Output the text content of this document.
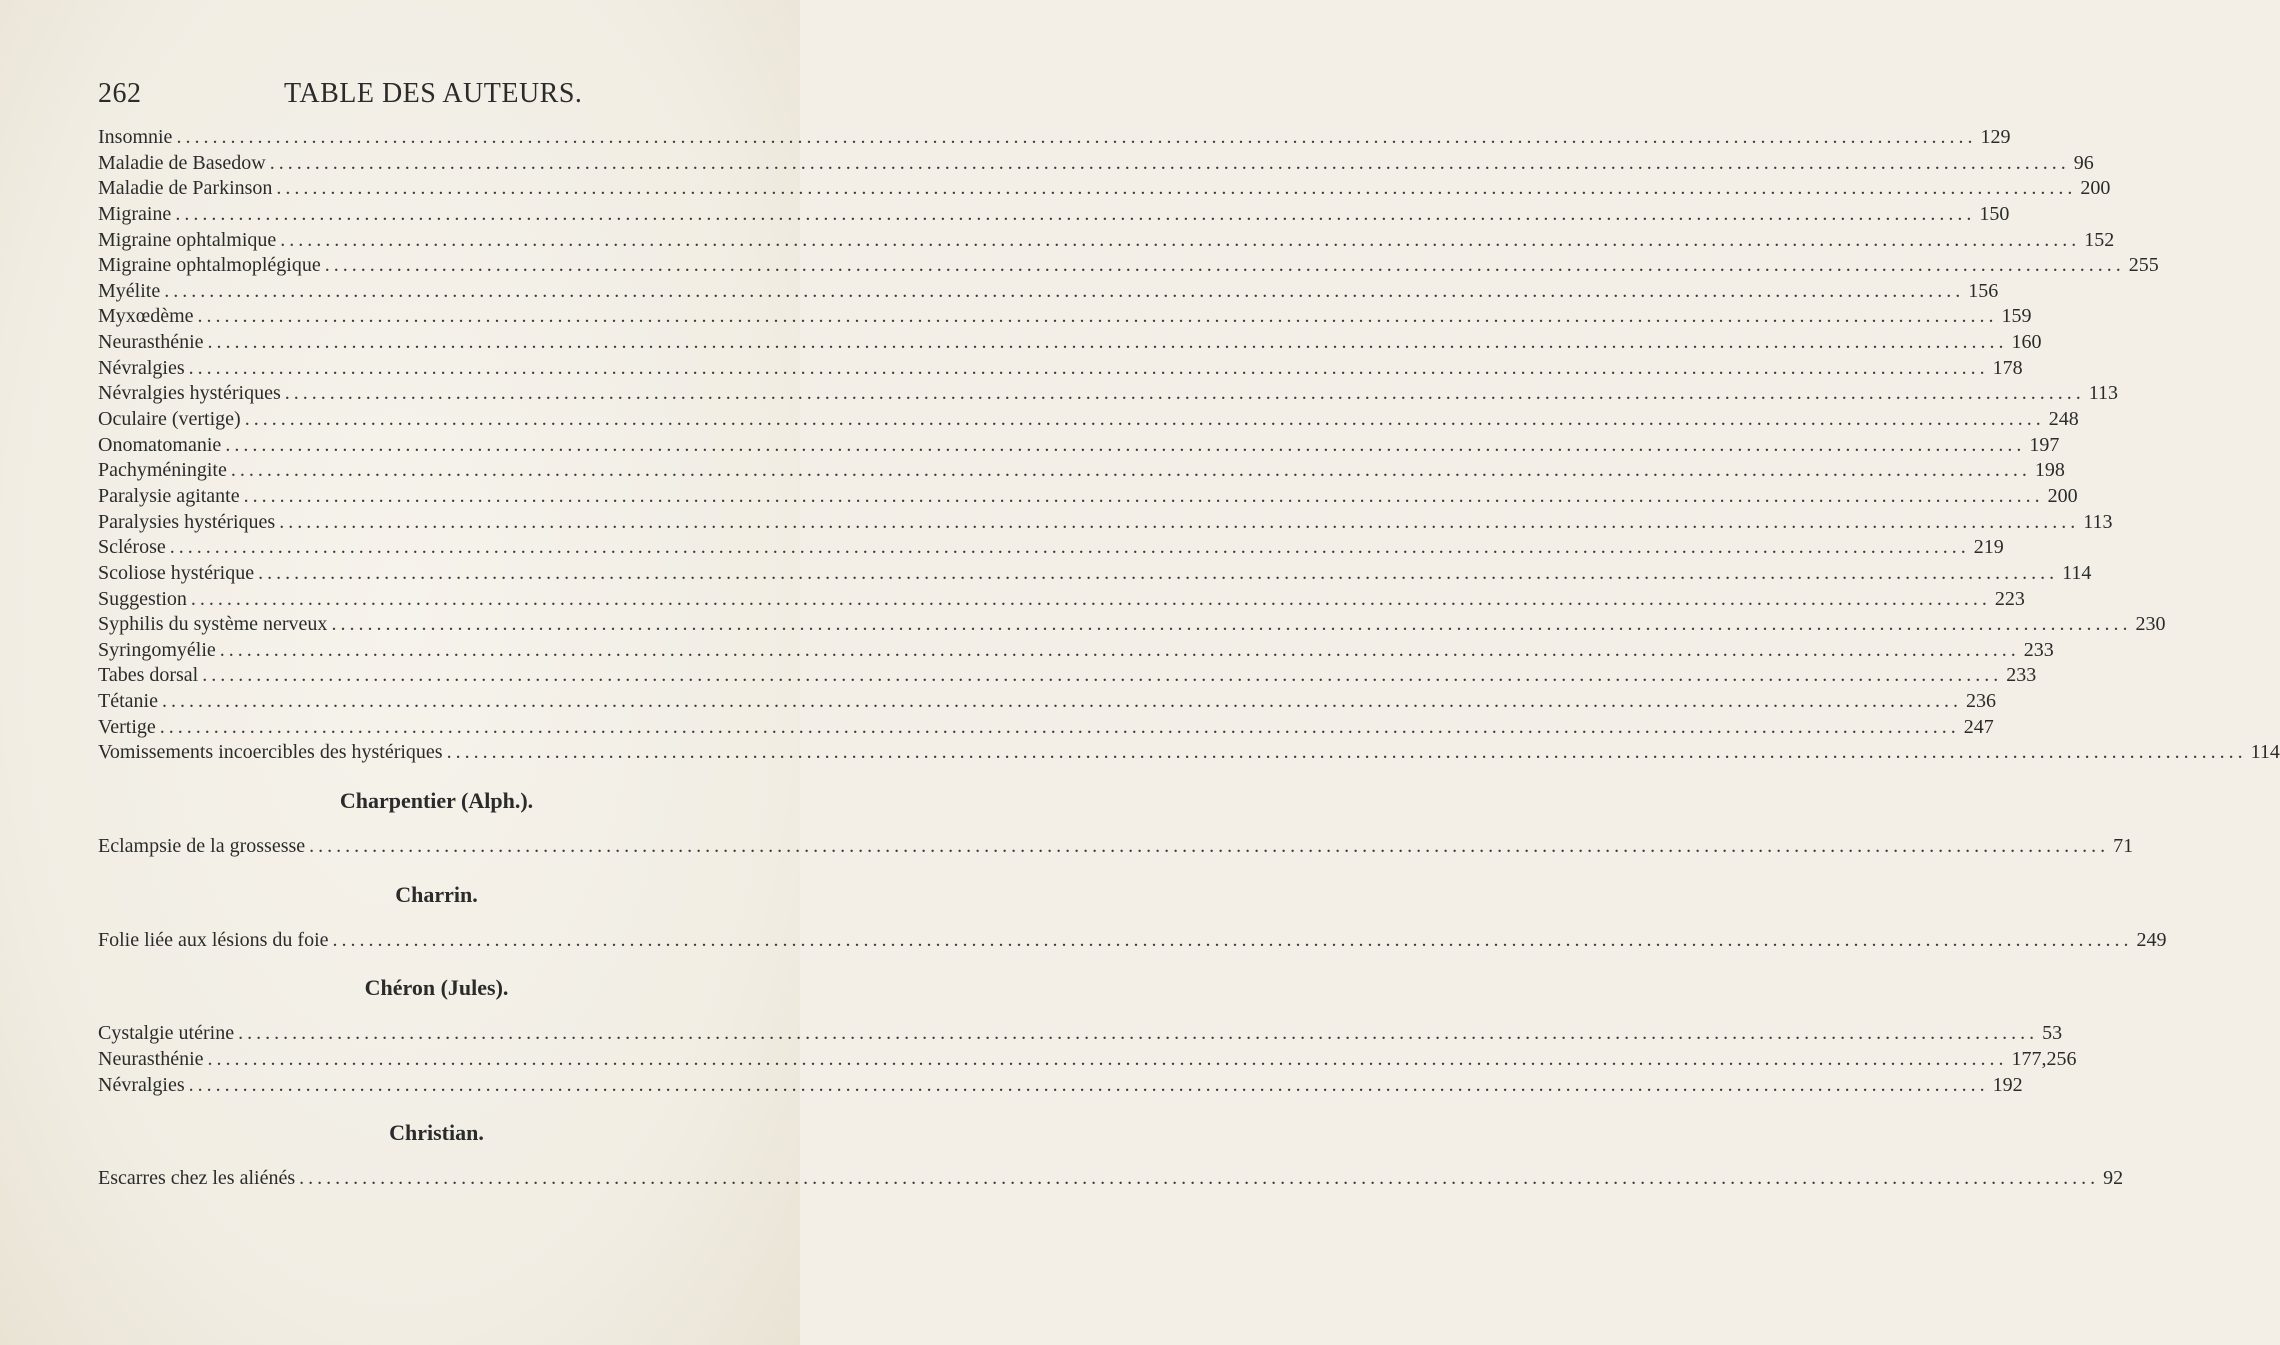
262	TABLE DES AUTEURS.
Insomnie ........................................................................................................................................................................................................ 129
Maladie de Basedow ........................................................................................................................................................................................................ 96
Maladie de Parkinson ........................................................................................................................................................................................................ 200
Migraine ........................................................................................................................................................................................................ 150
Migraine ophtalmique ........................................................................................................................................................................................................ 152
Migraine ophtalmoplégique ........................................................................................................................................................................................................ 255
Myélite ........................................................................................................................................................................................................ 156
Myxœdème ........................................................................................................................................................................................................ 159
Neurasthénie ........................................................................................................................................................................................................ 160
Névralgies ........................................................................................................................................................................................................ 178
Névralgies hystériques ........................................................................................................................................................................................................ 113
Oculaire (vertige) ........................................................................................................................................................................................................ 248
Onomatomanie ........................................................................................................................................................................................................ 197
Pachyméningite ........................................................................................................................................................................................................ 198
Paralysie agitante ........................................................................................................................................................................................................ 200
Paralysies hystériques ........................................................................................................................................................................................................ 113
Sclérose ........................................................................................................................................................................................................ 219
Scoliose hystérique ........................................................................................................................................................................................................ 114
Suggestion ........................................................................................................................................................................................................ 223
Syphilis du système nerveux ........................................................................................................................................................................................................ 230
Syringomyélie ........................................................................................................................................................................................................ 233
Tabes dorsal ........................................................................................................................................................................................................ 233
Tétanie ........................................................................................................................................................................................................ 236
Vertige ........................................................................................................................................................................................................ 247
Vomissements incoercibles des hystériques ........................................................................................................................................................................................................ 114
Charpentier (Alph.).
Eclampsie de la grossesse ........................................................................................................................................................................................................ 71
Charrin.
Folie liée aux lésions du foie ........................................................................................................................................................................................................ 249
Chéron (Jules).
Cystalgie utérine ........................................................................................................................................................................................................ 53
Neurasthénie ........................................................................................................................................................................................................ 177,256
Névralgies ........................................................................................................................................................................................................ 192
Christian.
Escarres chez les aliénés ........................................................................................................................................................................................................ 92
